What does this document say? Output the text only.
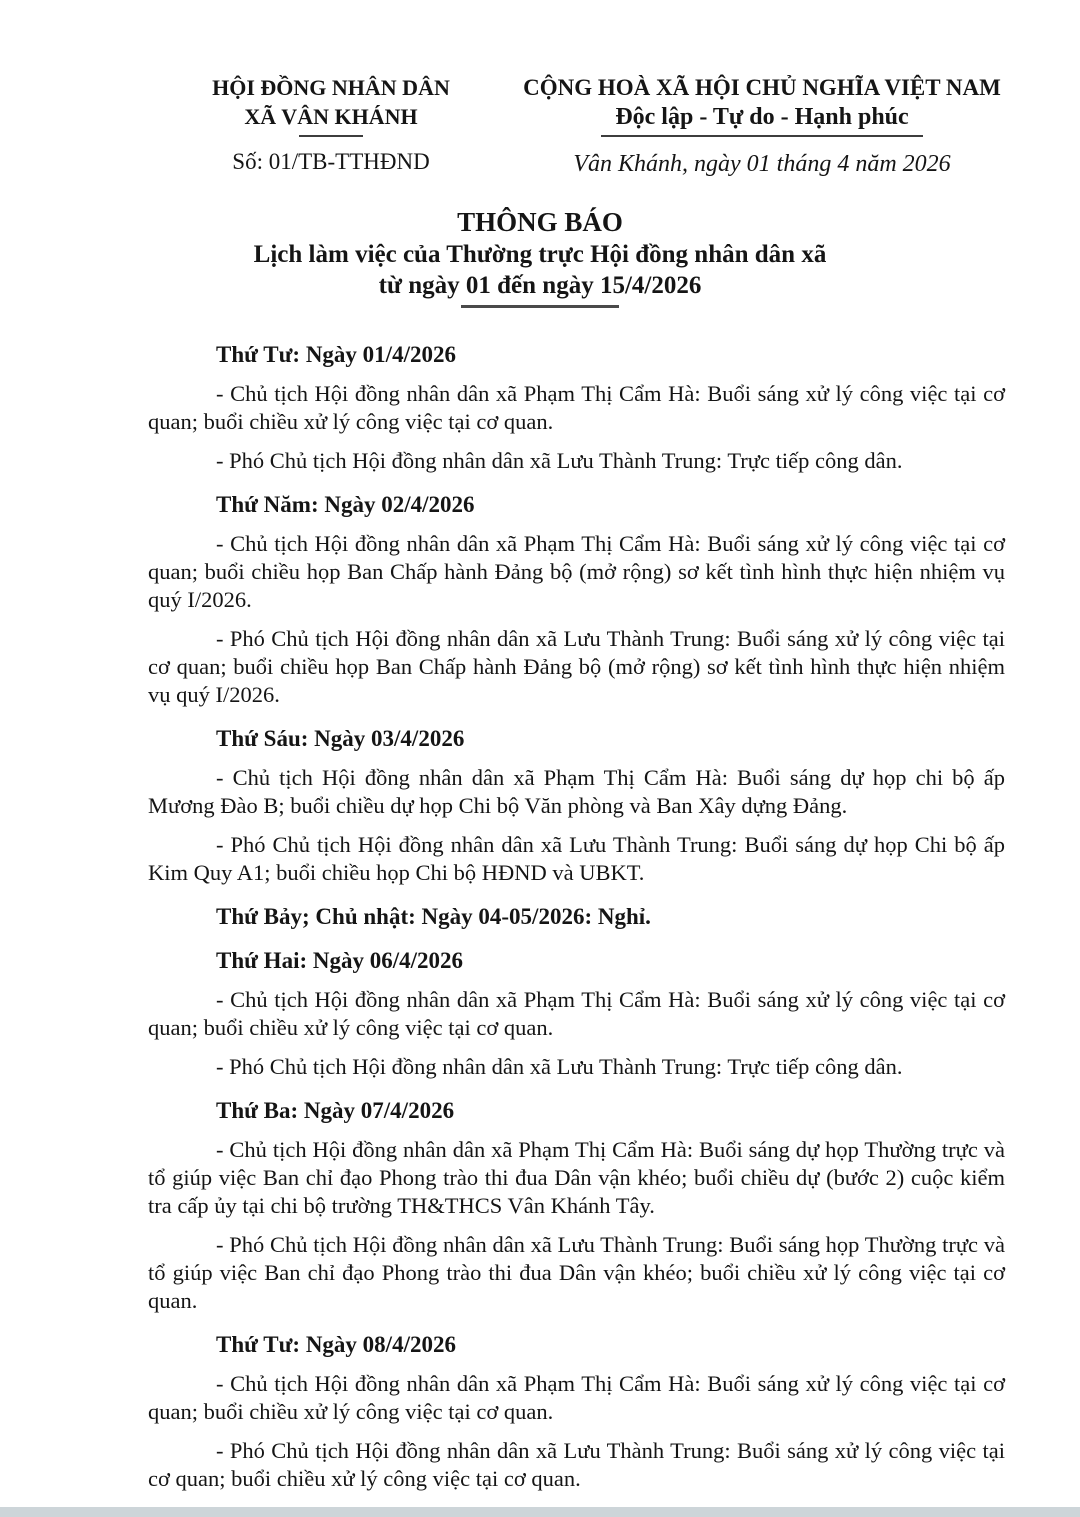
HỘI ĐỒNG NHÂN DÂN
XÃ VÂN KHÁNH
Số: 01/TB-TTHĐND
CỘNG HOÀ XÃ HỘI CHỦ NGHĨA VIỆT NAM
Độc lập - Tự do - Hạnh phúc
Vân Khánh, ngày 01 tháng 4 năm 2026
THÔNG BÁO
Lịch làm việc của Thường trực Hội đồng nhân dân xã
từ ngày 01 đến ngày 15/4/2026
Thứ Tư: Ngày 01/4/2026

- Chủ tịch Hội đồng nhân dân xã Phạm Thị Cẩm Hà: Buổi sáng xử lý công việc tại cơ quan; buổi chiều xử lý công việc tại cơ quan.

- Phó Chủ tịch Hội đồng nhân dân xã Lưu Thành Trung: Trực tiếp công dân.

Thứ Năm: Ngày 02/4/2026

- Chủ tịch Hội đồng nhân dân xã Phạm Thị Cẩm Hà: Buổi sáng xử lý công việc tại cơ quan; buổi chiều họp Ban Chấp hành Đảng bộ (mở rộng) sơ kết tình hình thực hiện nhiệm vụ quý I/2026.

- Phó Chủ tịch Hội đồng nhân dân xã Lưu Thành Trung: Buổi sáng xử lý công việc tại cơ quan; buổi chiều họp Ban Chấp hành Đảng bộ (mở rộng) sơ kết tình hình thực hiện nhiệm vụ quý I/2026.

Thứ Sáu: Ngày 03/4/2026

- Chủ tịch Hội đồng nhân dân xã Phạm Thị Cẩm Hà: Buổi sáng dự họp chi bộ ấp Mương Đào B; buổi chiều dự họp Chi bộ Văn phòng và Ban Xây dựng Đảng.

- Phó Chủ tịch Hội đồng nhân dân xã Lưu Thành Trung: Buổi sáng dự họp Chi bộ ấp Kim Quy A1; buổi chiều họp Chi bộ HĐND và UBKT.

Thứ Bảy; Chủ nhật: Ngày 04-05/2026: Nghỉ.
Thứ Hai: Ngày 06/4/2026

- Chủ tịch Hội đồng nhân dân xã Phạm Thị Cẩm Hà: Buổi sáng xử lý công việc tại cơ quan; buổi chiều xử lý công việc tại cơ quan.

- Phó Chủ tịch Hội đồng nhân dân xã Lưu Thành Trung: Trực tiếp công dân.

Thứ Ba: Ngày 07/4/2026

- Chủ tịch Hội đồng nhân dân xã Phạm Thị Cẩm Hà: Buổi sáng dự họp Thường trực và tổ giúp việc Ban chỉ đạo Phong trào thi đua Dân vận khéo; buổi chiều dự (bước 2) cuộc kiểm tra cấp ủy tại chi bộ trường TH&THCS Vân Khánh Tây.

- Phó Chủ tịch Hội đồng nhân dân xã Lưu Thành Trung: Buổi sáng họp Thường trực và tổ giúp việc Ban chỉ đạo Phong trào thi đua Dân vận khéo; buổi chiều xử lý công việc tại cơ quan.

Thứ Tư: Ngày 08/4/2026

- Chủ tịch Hội đồng nhân dân xã Phạm Thị Cẩm Hà: Buổi sáng xử lý công việc tại cơ quan; buổi chiều xử lý công việc tại cơ quan.

- Phó Chủ tịch Hội đồng nhân dân xã Lưu Thành Trung: Buổi sáng xử lý công việc tại cơ quan; buổi chiều xử lý công việc tại cơ quan.
